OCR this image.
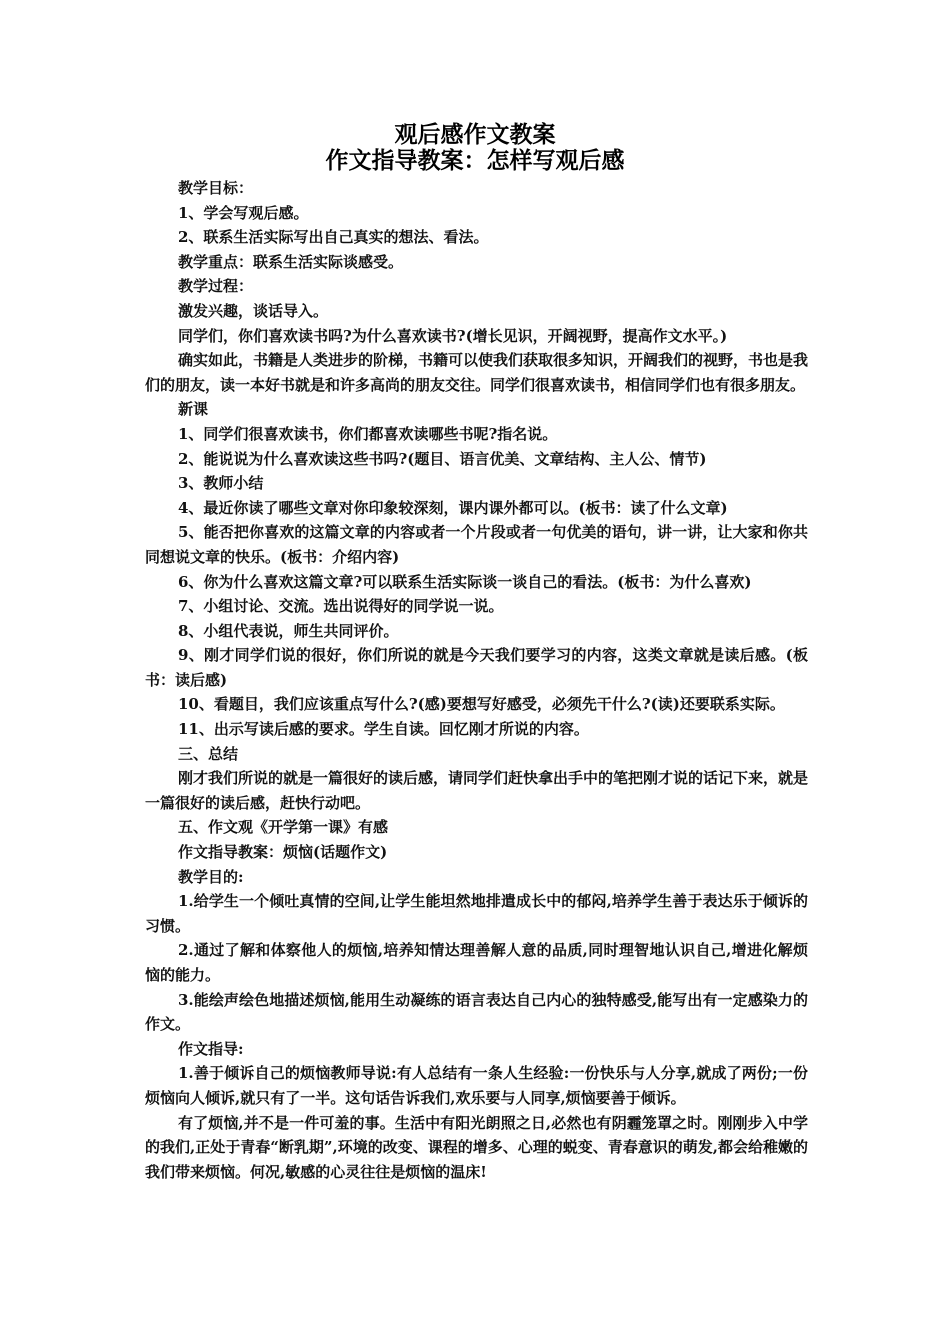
观后感作文教案
作文指导教案：怎样写观后感

教学目标：

1、学会写观后感。

2、联系生活实际写出自己真实的想法、看法。

教学重点：联系生活实际谈感受。

教学过程：

激发兴趣，谈话导入。

同学们，你们喜欢读书吗?为什么喜欢读书?(增长见识，开阔视野，提高作文水平。)

确实如此，书籍是人类进步的阶梯，书籍可以使我们获取很多知识，开阔我们的视野，书也是我们的朋友，读一本好书就是和许多高尚的朋友交往。同学们很喜欢读书，相信同学们也有很多朋友。

新课

1、同学们很喜欢读书，你们都喜欢读哪些书呢?指名说。

2、能说说为什么喜欢读这些书吗?(题目、语言优美、文章结构、主人公、情节)

3、教师小结

4、最近你读了哪些文章对你印象较深刻，课内课外都可以。(板书：读了什么文章)

5、能否把你喜欢的这篇文章的内容或者一个片段或者一句优美的语句，讲一讲，让大家和你共同想说文章的快乐。(板书：介绍内容)

6、你为什么喜欢这篇文章?可以联系生活实际谈一谈自己的看法。(板书：为什么喜欢)

7、小组讨论、交流。选出说得好的同学说一说。

8、小组代表说，师生共同评价。

9、刚才同学们说的很好，你们所说的就是今天我们要学习的内容，这类文章就是读后感。(板书：读后感)

10、看题目，我们应该重点写什么?(感)要想写好感受，必须先干什么?(读)还要联系实际。

11、出示写读后感的要求。学生自读。回忆刚才所说的内容。

三、总结

刚才我们所说的就是一篇很好的读后感，请同学们赶快拿出手中的笔把刚才说的话记下来，就是一篇很好的读后感，赶快行动吧。

五、作文观《开学第一课》有感

作文指导教案：烦恼(话题作文)

教学目的:

1.给学生一个倾吐真情的空间,让学生能坦然地排遣成长中的郁闷,培养学生善于表达乐于倾诉的习惯。

2.通过了解和体察他人的烦恼,培养知情达理善解人意的品质,同时理智地认识自己,增进化解烦恼的能力。

3.能绘声绘色地描述烦恼,能用生动凝练的语言表达自己内心的独特感受,能写出有一定感染力的作文。

作文指导:

1.善于倾诉自己的烦恼教师导说:有人总结有一条人生经验:一份快乐与人分享,就成了两份;一份烦恼向人倾诉,就只有了一半。这句话告诉我们,欢乐要与人同享,烦恼要善于倾诉。

有了烦恼,并不是一件可羞的事。生活中有阳光朗照之日,必然也有阴霾笼罩之时。刚刚步入中学的我们,正处于青春“断乳期”,环境的改变、课程的增多、心理的蜕变、青春意识的萌发,都会给稚嫩的我们带来烦恼。何况,敏感的心灵往往是烦恼的温床!
